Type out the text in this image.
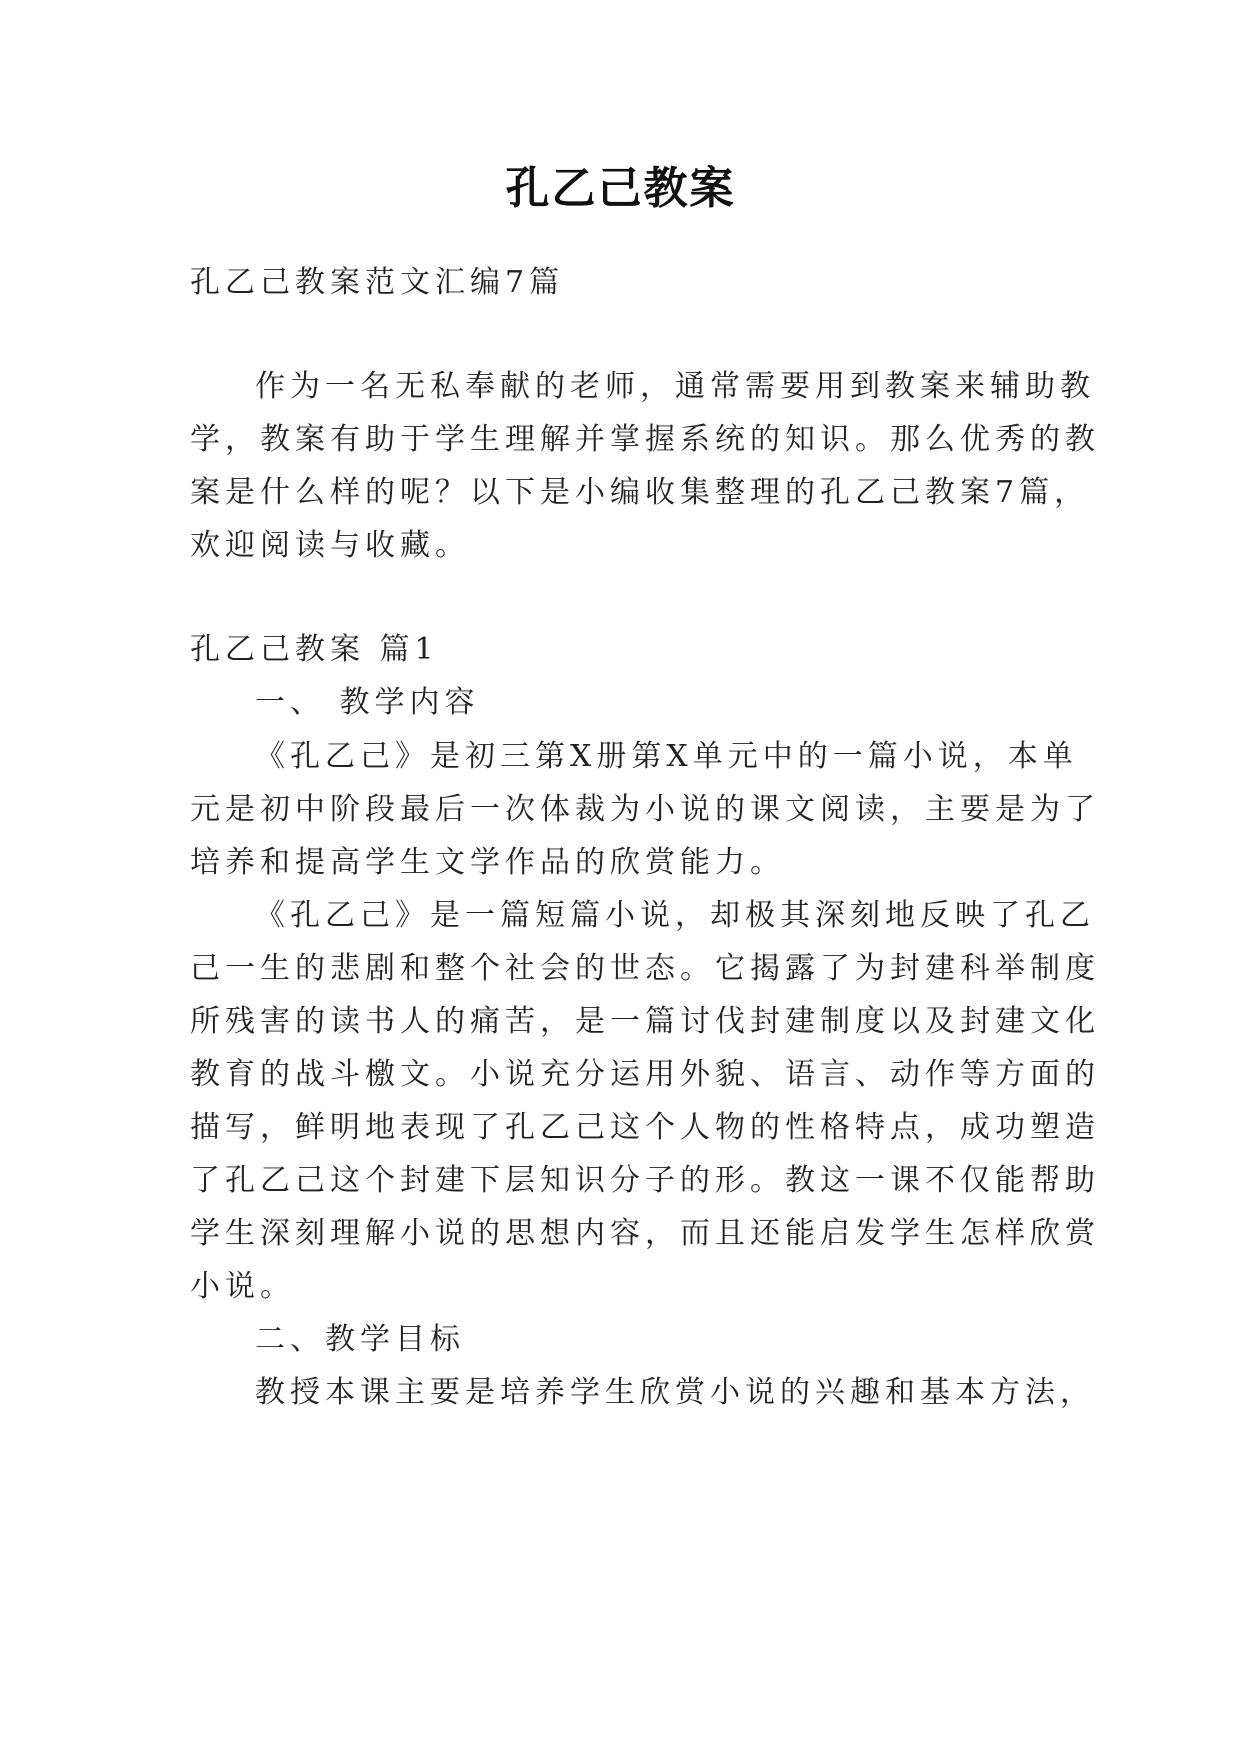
孔乙己教案
孔乙己教案范文汇编7篇
作为一名无私奉献的老师，通常需要用到教案来辅助教
学，教案有助于学生理解并掌握系统的知识。那么优秀的教
案是什么样的呢？以下是小编收集整理的孔乙己教案7篇，
欢迎阅读与收藏。
孔乙己教案 篇1
一、 教学内容
《孔乙己》是初三第X册第X单元中的一篇小说，本单
元是初中阶段最后一次体裁为小说的课文阅读，主要是为了
培养和提高学生文学作品的欣赏能力。
《孔乙己》是一篇短篇小说，却极其深刻地反映了孔乙
己一生的悲剧和整个社会的世态。它揭露了为封建科举制度
所残害的读书人的痛苦，是一篇讨伐封建制度以及封建文化
教育的战斗檄文。小说充分运用外貌、语言、动作等方面的
描写，鲜明地表现了孔乙己这个人物的性格特点，成功塑造
了孔乙己这个封建下层知识分子的形。教这一课不仅能帮助
学生深刻理解小说的思想内容，而且还能启发学生怎样欣赏
小说。
二、教学目标
教授本课主要是培养学生欣赏小说的兴趣和基本方法，
